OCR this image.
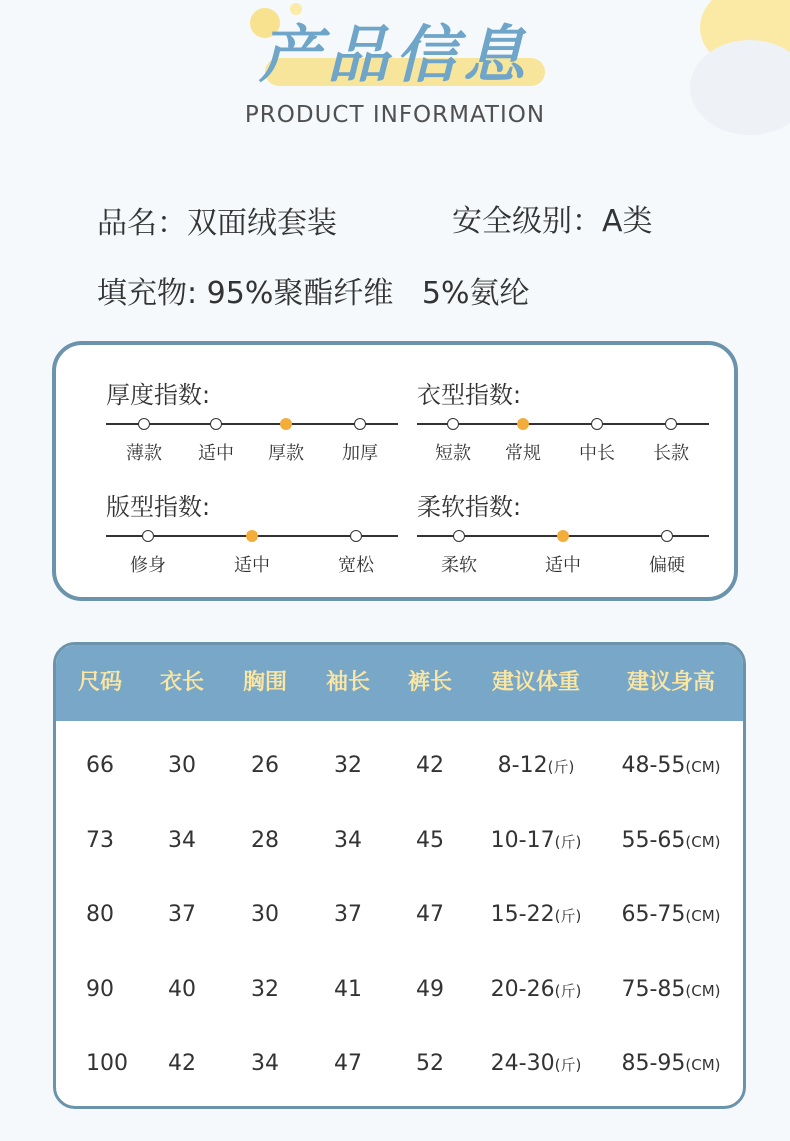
产品信息
PRODUCT INFORMATION
品名：双面绒套装	安全级别：A类
填充物: 95%聚酯纤维   5%氨纶
厚度指数:
薄款 适中 厚款 加厚
衣型指数:
短款 常规 中长 长款
版型指数:
修身	适中	宽松
柔软指数:
柔软	适中	偏硬
尺码 衣长 胸围 袖长 裤长 建议体重 建议身高
66 30	26	32 42 8-12(斤) 48-55(CM)
73 34	28	34 45 10-17(斤) 55-65(CM)
80 37	30	37 47 15-22(斤) 65-75(CM)
90 40	32	41 49 20-26(斤) 75-85(CM)
100 42	34	47 52 24-30(斤) 85-95(CM)
